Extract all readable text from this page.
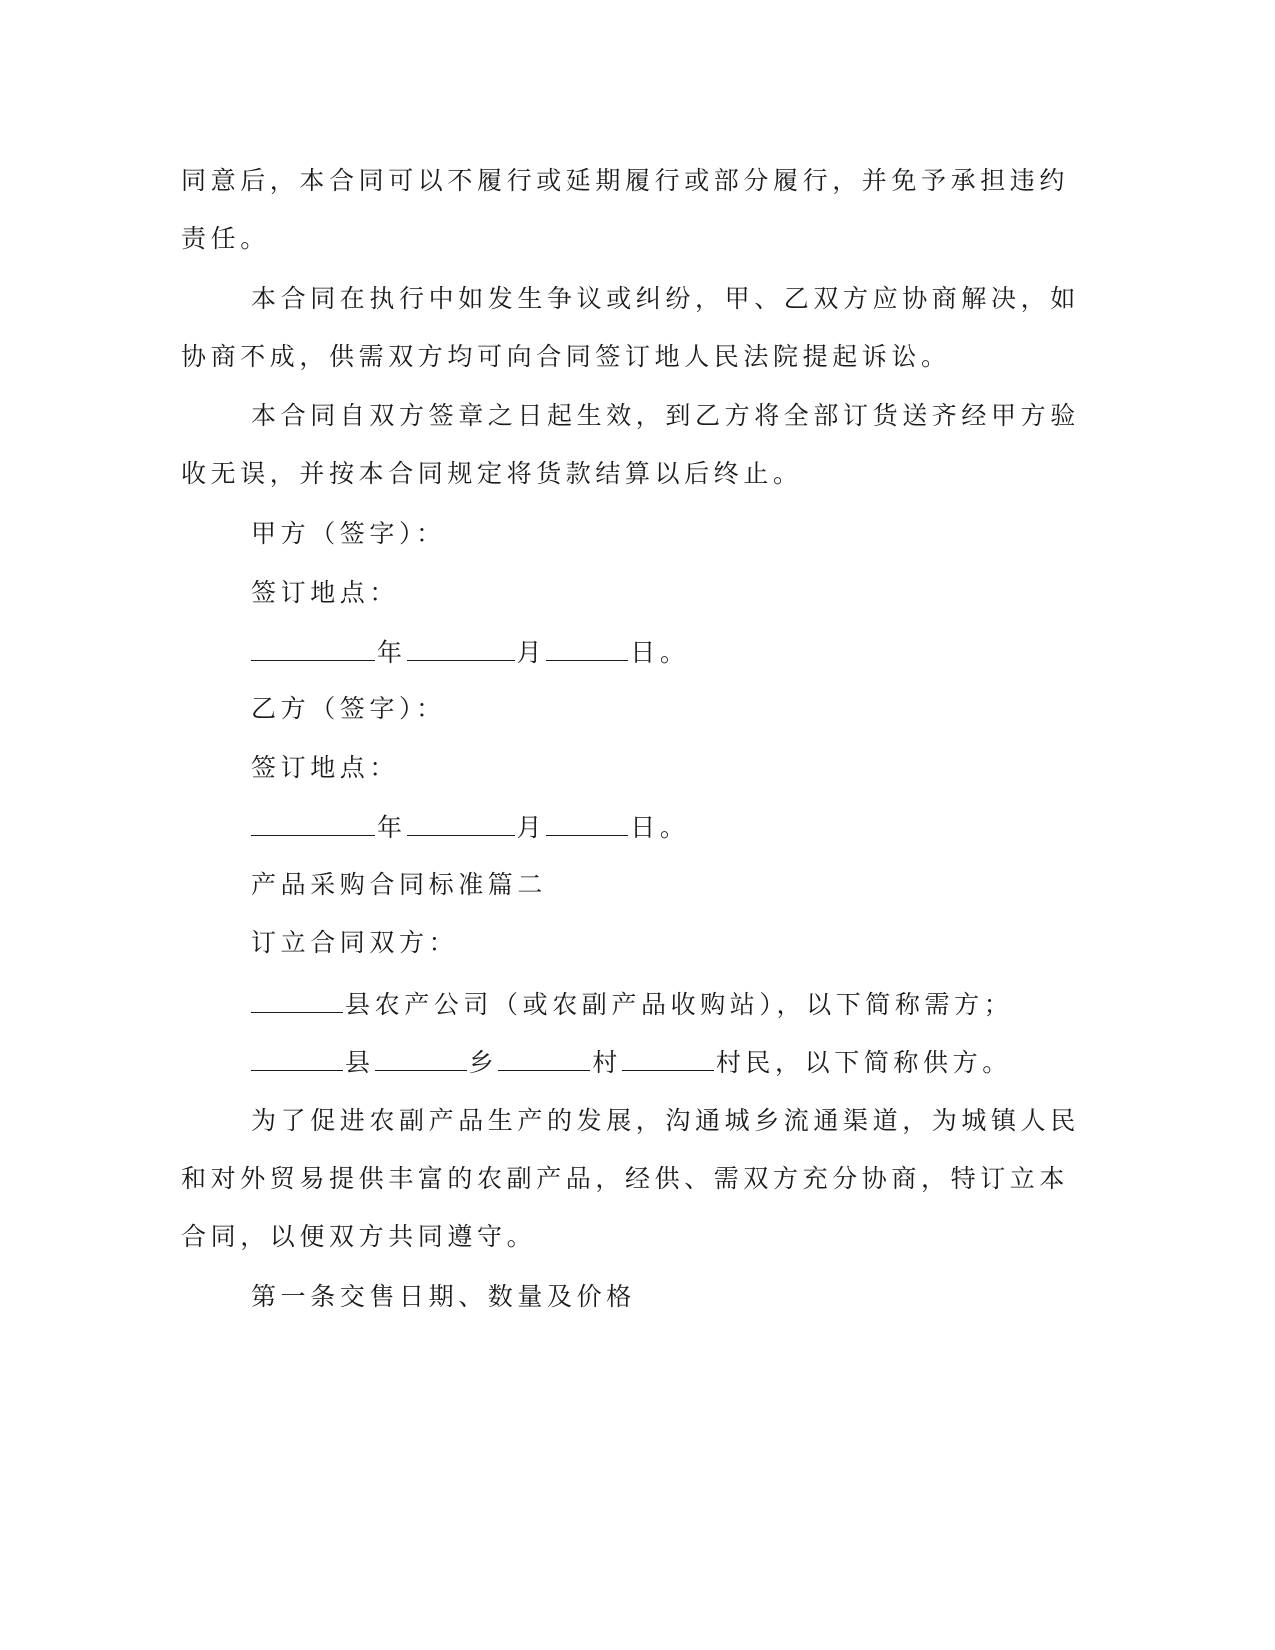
同意后，本合同可以不履行或延期履行或部分履行，并免予承担违约
责任。
本合同在执行中如发生争议或纠纷，甲、乙双方应协商解决，如
协商不成，供需双方均可向合同签订地人民法院提起诉讼。
本合同自双方签章之日起生效，到乙方将全部订货送齐经甲方验
收无误，并按本合同规定将货款结算以后终止。
甲方（签字）：
签订地点：
年	月	日。
乙方（签字）：
签订地点：
年	月	日。
产品采购合同标准篇二
订立合同双方：
县农产公司（或农副产品收购站），以下简称需方；
县	乡	村	村民，以下简称供方。
为了促进农副产品生产的发展，沟通城乡流通渠道，为城镇人民
和对外贸易提供丰富的农副产品，经供、需双方充分协商，特订立本
合同，以便双方共同遵守。
第一条交售日期、数量及价格
